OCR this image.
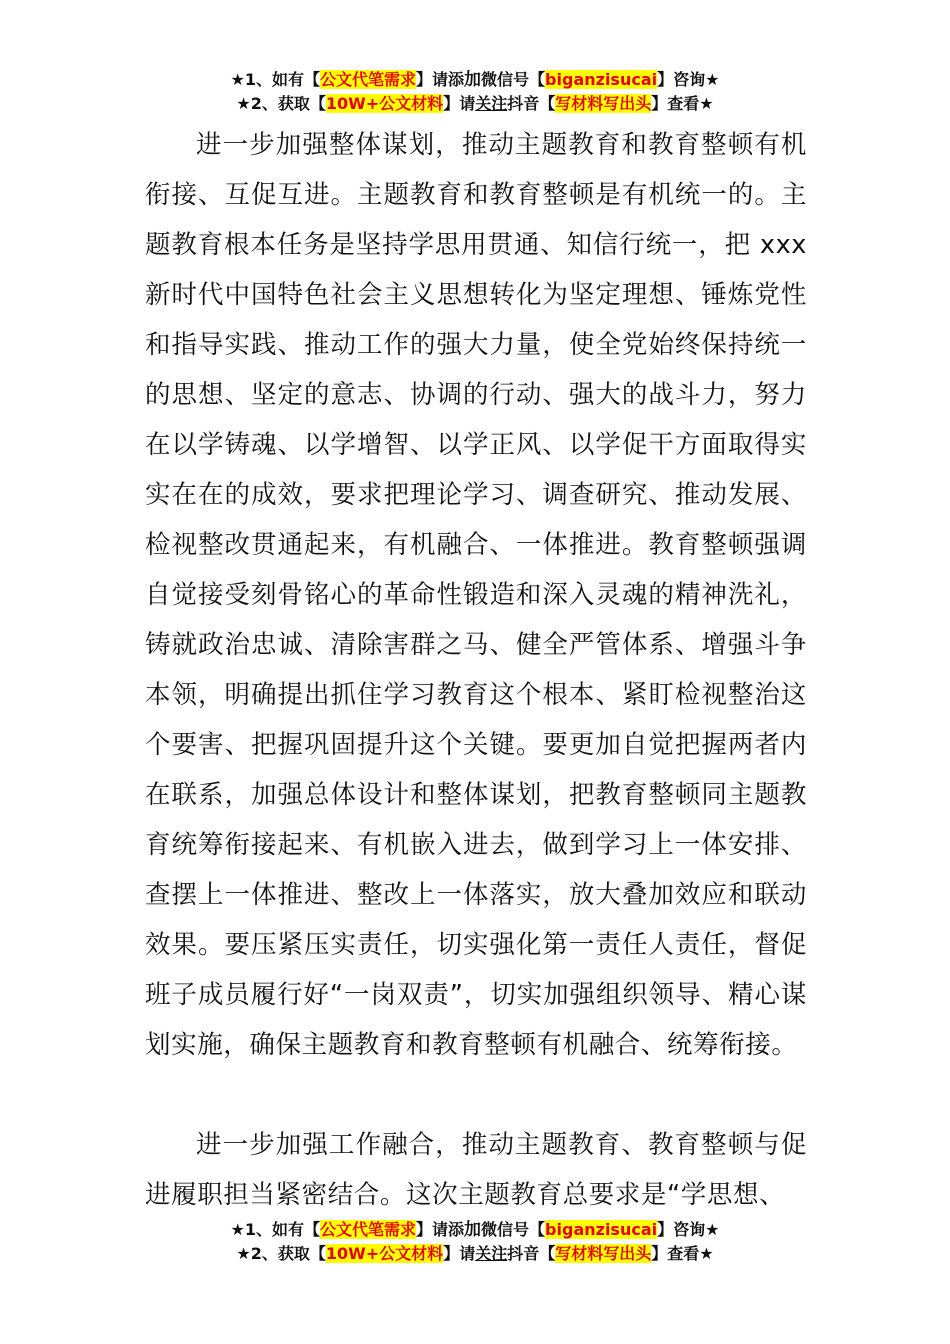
★1、如有【公文代笔需求】请添加微信号【biganzisucai】咨询★
★2、获取【10W+公文材料】请关注抖音【写材料写出头】查看★

进一步加强整体谋划，推动主题教育和教育整顿有机衔接、互促互进。主题教育和教育整顿是有机统一的。主题教育根本任务是坚持学思用贯通、知信行统一，把 xxx 新时代中国特色社会主义思想转化为坚定理想、锤炼党性和指导实践、推动工作的强大力量，使全党始终保持统一的思想、坚定的意志、协调的行动、强大的战斗力，努力在以学铸魂、以学增智、以学正风、以学促干方面取得实实在在的成效，要求把理论学习、调查研究、推动发展、检视整改贯通起来，有机融合、一体推进。教育整顿强调自觉接受刻骨铭心的革命性锻造和深入灵魂的精神洗礼，铸就政治忠诚、清除害群之马、健全严管体系、增强斗争本领，明确提出抓住学习教育这个根本、紧盯检视整治这个要害、把握巩固提升这个关键。要更加自觉把握两者内在联系，加强总体设计和整体谋划，把教育整顿同主题教育统筹衔接起来、有机嵌入进去，做到学习上一体安排、查摆上一体推进、整改上一体落实，放大叠加效应和联动效果。要压紧压实责任，切实强化第一责任人责任，督促班子成员履行好“一岗双责”，切实加强组织领导、精心谋划实施，确保主题教育和教育整顿有机融合、统筹衔接。

进一步加强工作融合，推动主题教育、教育整顿与促进履职担当紧密结合。这次主题教育总要求是“学思想、

★1、如有【公文代笔需求】请添加微信号【biganzisucai】咨询★
★2、获取【10W+公文材料】请关注抖音【写材料写出头】查看★
